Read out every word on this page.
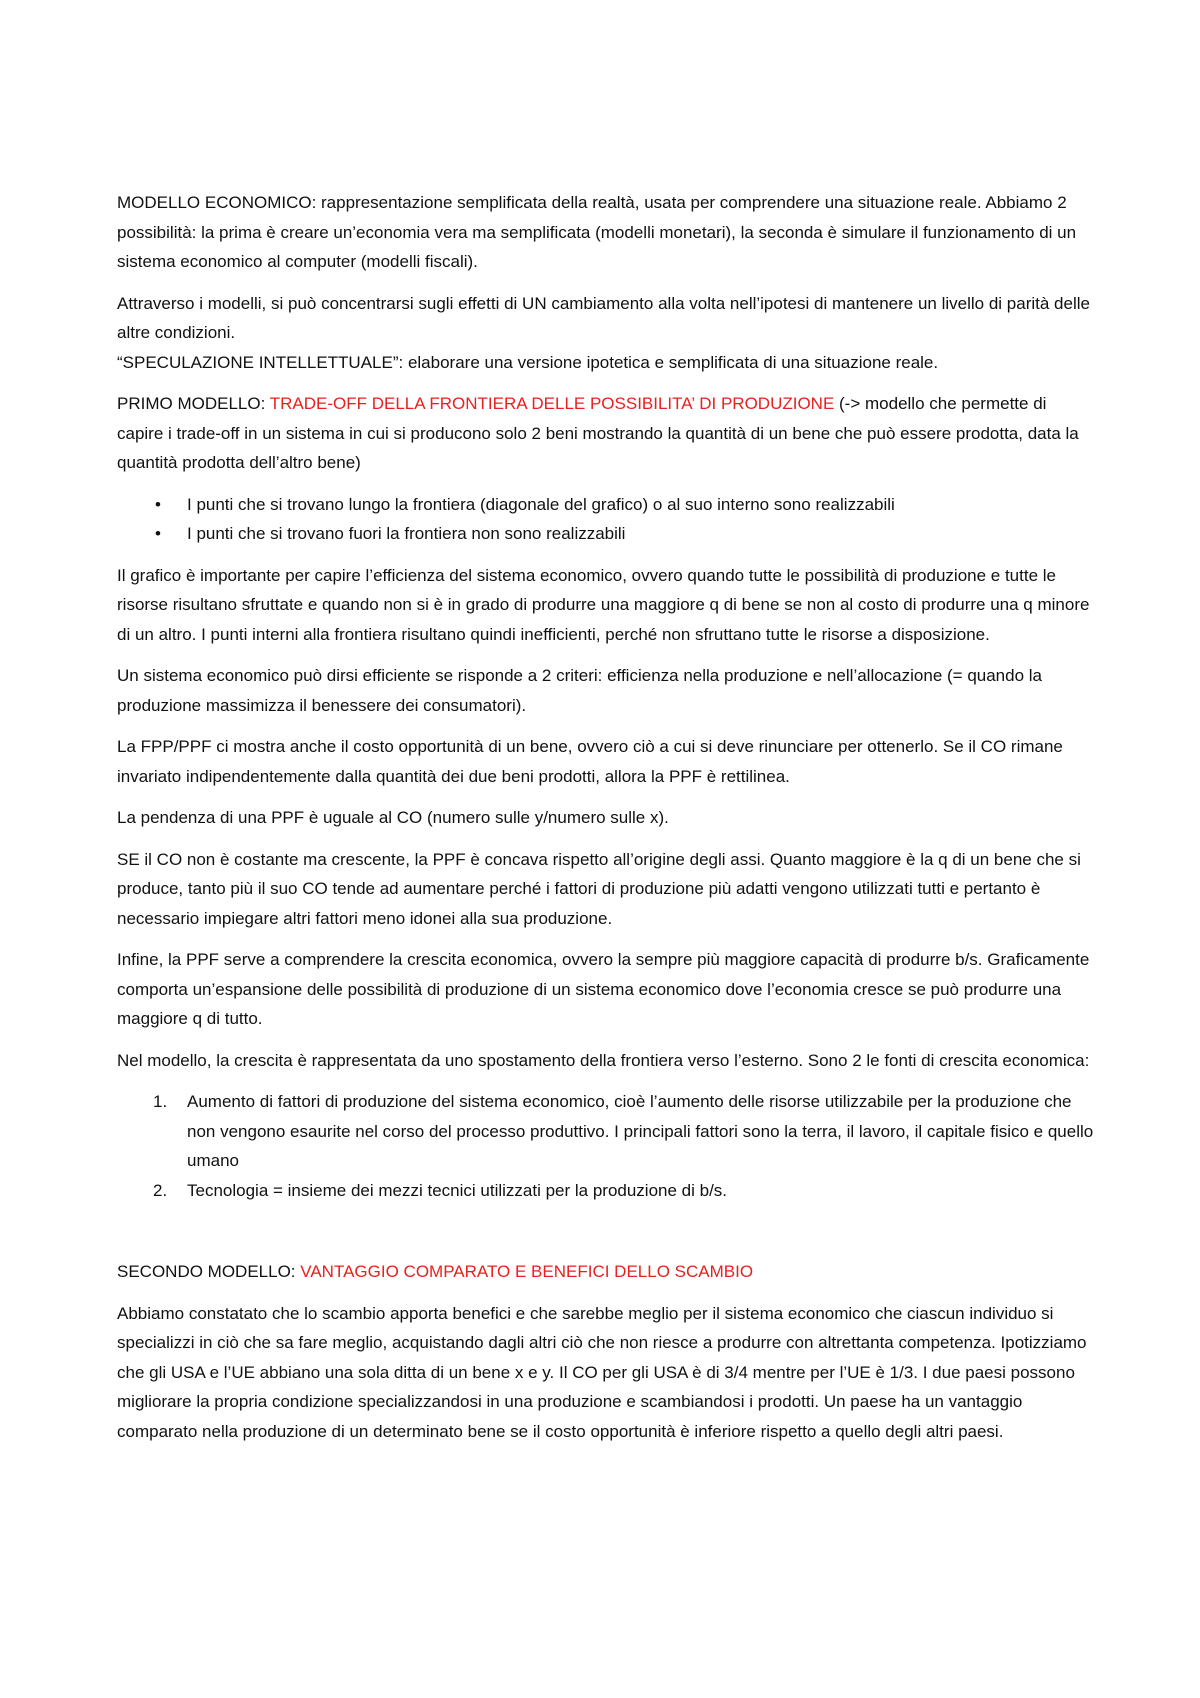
MODELLO ECONOMICO: rappresentazione semplificata della realtà, usata per comprendere una situazione reale. Abbiamo 2 possibilità: la prima è creare un’economia vera ma semplificata (modelli monetari), la seconda è simulare il funzionamento di un sistema economico al computer (modelli fiscali).

Attraverso i modelli, si può concentrarsi sugli effetti di UN cambiamento alla volta nell’ipotesi di mantenere un livello di parità delle altre condizioni.
“SPECULAZIONE INTELLETTUALE”: elaborare una versione ipotetica e semplificata di una situazione reale.

PRIMO MODELLO: TRADE-OFF DELLA FRONTIERA DELLE POSSIBILITA’ DI PRODUZIONE (-> modello che permette di capire i trade-off in un sistema in cui si producono solo 2 beni mostrando la quantità di un bene che può essere prodotta, data la quantità prodotta dell’altro bene)

• I punti che si trovano lungo la frontiera (diagonale del grafico) o al suo interno sono realizzabili
• I punti che si trovano fuori la frontiera non sono realizzabili

Il grafico è importante per capire l’efficienza del sistema economico, ovvero quando tutte le possibilità di produzione e tutte le risorse risultano sfruttate e quando non si è in grado di produrre una maggiore q di bene se non al costo di produrre una q minore di un altro. I punti interni alla frontiera risultano quindi inefficienti, perché non sfruttano tutte le risorse a disposizione.

Un sistema economico può dirsi efficiente se risponde a 2 criteri: efficienza nella produzione e nell’allocazione (= quando la produzione massimizza il benessere dei consumatori).

La FPP/PPF ci mostra anche il costo opportunità di un bene, ovvero ciò a cui si deve rinunciare per ottenerlo. Se il CO rimane invariato indipendentemente dalla quantità dei due beni prodotti, allora la PPF è rettilinea.

La pendenza di una PPF è uguale al CO (numero sulle y/numero sulle x).

SE il CO non è costante ma crescente, la PPF è concava rispetto all’origine degli assi. Quanto maggiore è la q di un bene che si produce, tanto più il suo CO tende ad aumentare perché i fattori di produzione più adatti vengono utilizzati tutti e pertanto è necessario impiegare altri fattori meno idonei alla sua produzione.

Infine, la PPF serve a comprendere la crescita economica, ovvero la sempre più maggiore capacità di produrre b/s. Graficamente comporta un’espansione delle possibilità di produzione di un sistema economico dove l’economia cresce se può produrre una maggiore q di tutto.

Nel modello, la crescita è rappresentata da uno spostamento della frontiera verso l’esterno. Sono 2 le fonti di crescita economica:

1. Aumento di fattori di produzione del sistema economico, cioè l’aumento delle risorse utilizzabile per la produzione che non vengono esaurite nel corso del processo produttivo. I principali fattori sono la terra, il lavoro, il capitale fisico e quello umano
2. Tecnologia = insieme dei mezzi tecnici utilizzati per la produzione di b/s.

SECONDO MODELLO: VANTAGGIO COMPARATO E BENEFICI DELLO SCAMBIO

Abbiamo constatato che lo scambio apporta benefici e che sarebbe meglio per il sistema economico che ciascun individuo si specializzi in ciò che sa fare meglio, acquistando dagli altri ciò che non riesce a produrre con altrettanta competenza. Ipotizziamo che gli USA e l’UE abbiano una sola ditta di un bene x e y. Il CO per gli USA è di 3/4 mentre per l’UE è 1/3. I due paesi possono migliorare la propria condizione specializzandosi in una produzione e scambiandosi i prodotti. Un paese ha un vantaggio comparato nella produzione di un determinato bene se il costo opportunità è inferiore rispetto a quello degli altri paesi.
